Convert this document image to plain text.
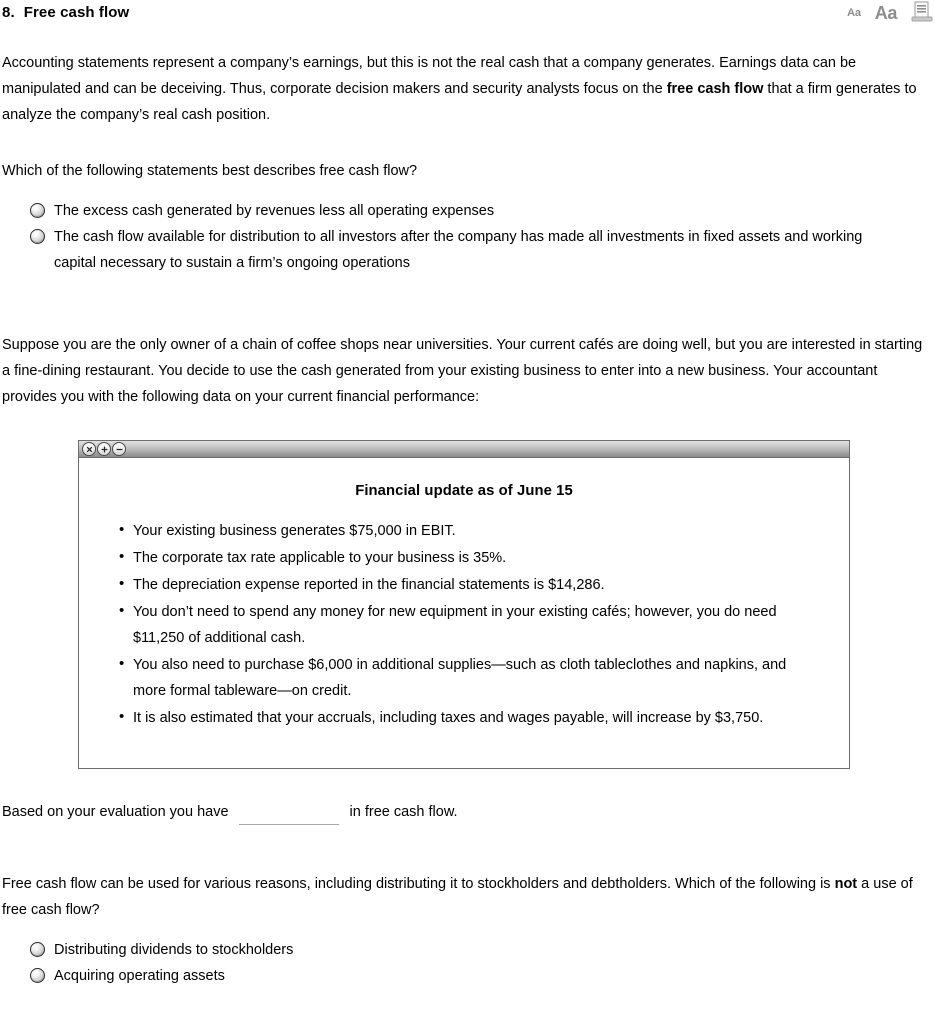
8. Free cash flow	Aa Aa

Accounting statements represent a company’s earnings, but this is not the real cash that a company generates. Earnings data can be manipulated and can be deceiving. Thus, corporate decision makers and security analysts focus on the free cash flow that a firm generates to analyze the company’s real cash position.

Which of the following statements best describes free cash flow?

The excess cash generated by revenues less all operating expenses
The cash flow available for distribution to all investors after the company has made all investments in fixed assets and working capital necessary to sustain a firm’s ongoing operations

Suppose you are the only owner of a chain of coffee shops near universities. Your current cafés are doing well, but you are interested in starting a fine-dining restaurant. You decide to use the cash generated from your existing business to enter into a new business. Your accountant provides you with the following data on your current financial performance:

Financial update as of June 15
• Your existing business generates $75,000 in EBIT.
• The corporate tax rate applicable to your business is 35%.
• The depreciation expense reported in the financial statements is $14,286.
• You don’t need to spend any money for new equipment in your existing cafés; however, you do need $11,250 of additional cash.
• You also need to purchase $6,000 in additional supplies—such as cloth tableclothes and napkins, and more formal tableware—on credit.
• It is also estimated that your accruals, including taxes and wages payable, will increase by $3,750.
Based on your evaluation you have	in free cash flow.

Free cash flow can be used for various reasons, including distributing it to stockholders and debtholders. Which of the following is not a use of free cash flow?

Distributing dividends to stockholders
Acquiring operating assets
